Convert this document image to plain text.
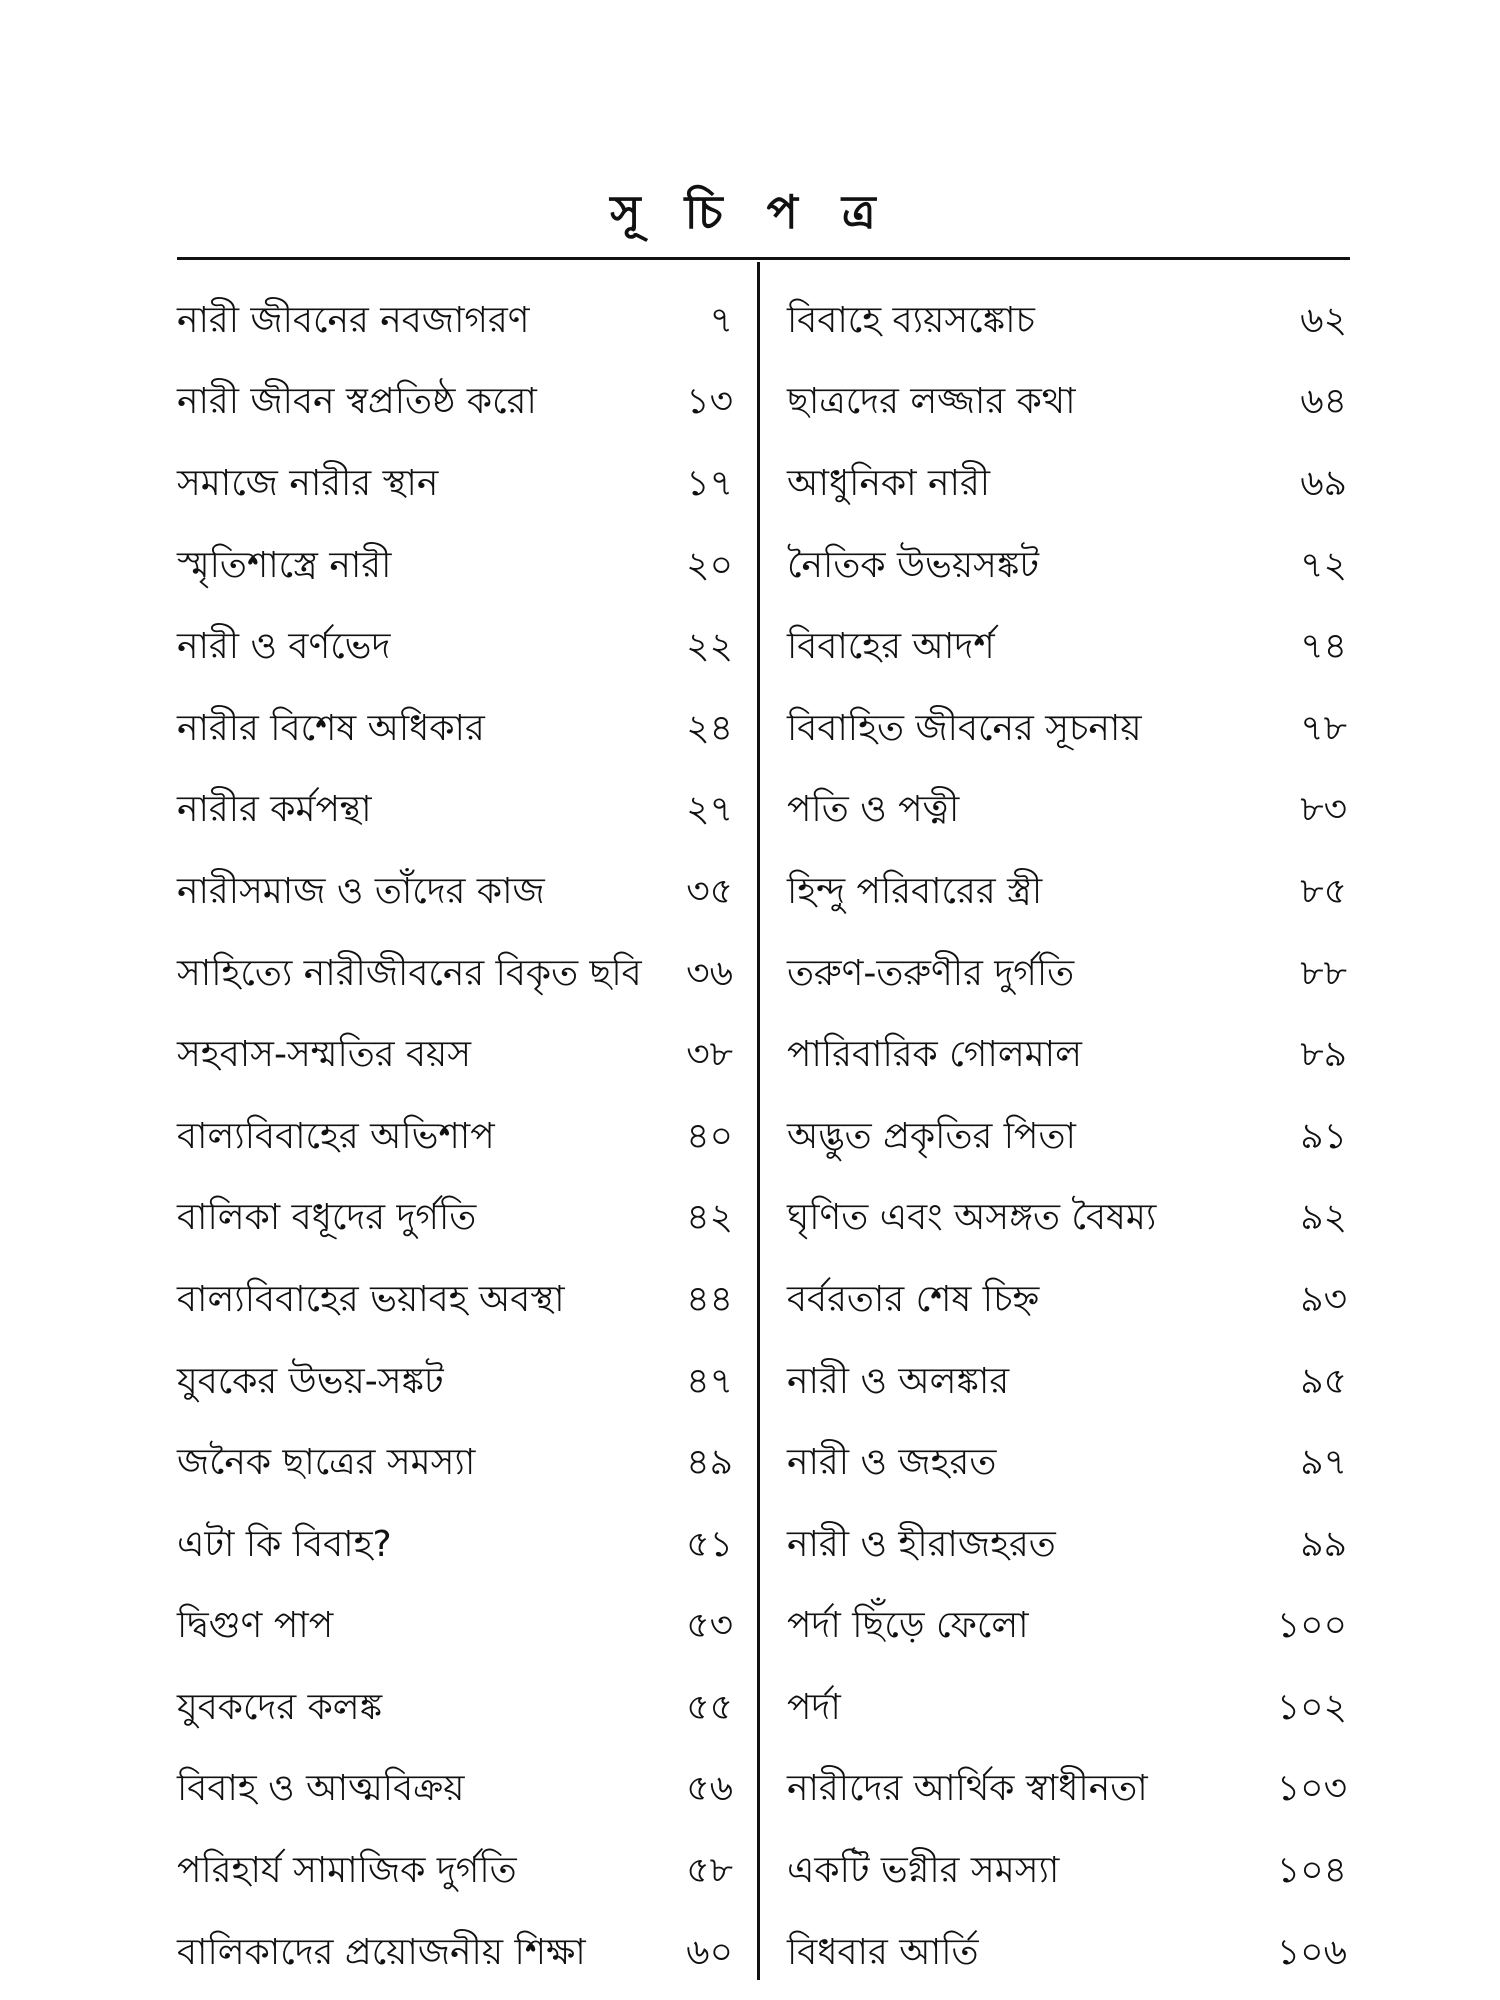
সূ চি প ত্র
নারী জীবনের নবজাগরণ	৭
নারী জীবন স্বপ্রতিষ্ঠ করো	১৩
সমাজে নারীর স্থান	১৭
স্মৃতিশাস্ত্রে নারী	২০
নারী ও বর্ণভেদ	২২
নারীর বিশেষ অধিকার	২৪
নারীর কর্মপন্থা	২৭
নারীসমাজ ও তাঁদের কাজ	৩৫
সাহিত্যে নারীজীবনের বিকৃত ছবি ৩৬
সহবাস-সম্মতির বয়স	৩৮
বাল্যবিবাহের অভিশাপ	৪০
বালিকা বধূদের দুর্গতি	৪২
বাল্যবিবাহের ভয়াবহ অবস্থা	৪৪
যুবকের উভয়-সঙ্কট	৪৭
জনৈক ছাত্রের সমস্যা	৪৯
এটা কি বিবাহ?	৫১
দ্বিগুণ পাপ	৫৩
যুবকদের কলঙ্ক	৫৫
বিবাহ ও আত্মবিক্রয়	৫৬
পরিহার্য সামাজিক দুর্গতি	৫৮
বালিকাদের প্রয়োজনীয় শিক্ষা	৬০
বিবাহে ব্যয়সঙ্কোচ	৬২
ছাত্রদের লজ্জার কথা	৬৪
আধুনিকা নারী	৬৯
নৈতিক উভয়সঙ্কট	৭২
বিবাহের আদর্শ	৭৪
বিবাহিত জীবনের সূচনায়	৭৮
পতি ও পত্নী	৮৩
হিন্দু পরিবারের স্ত্রী	৮৫
তরুণ-তরুণীর দুর্গতি	৮৮
পারিবারিক গোলমাল	৮৯
অদ্ভুত প্রকৃতির পিতা	৯১
ঘৃণিত এবং অসঙ্গত বৈষম্য	৯২
বর্বরতার শেষ চিহ্ন	৯৩
নারী ও অলঙ্কার	৯৫
নারী ও জহরত	৯৭
নারী ও হীরাজহরত	৯৯
পর্দা ছিঁড়ে ফেলো	১০০
পর্দা	১০২
নারীদের আর্থিক স্বাধীনতা	১০৩
একটি ভগ্নীর সমস্যা	১০৪
বিধবার আর্তি	১০৬
